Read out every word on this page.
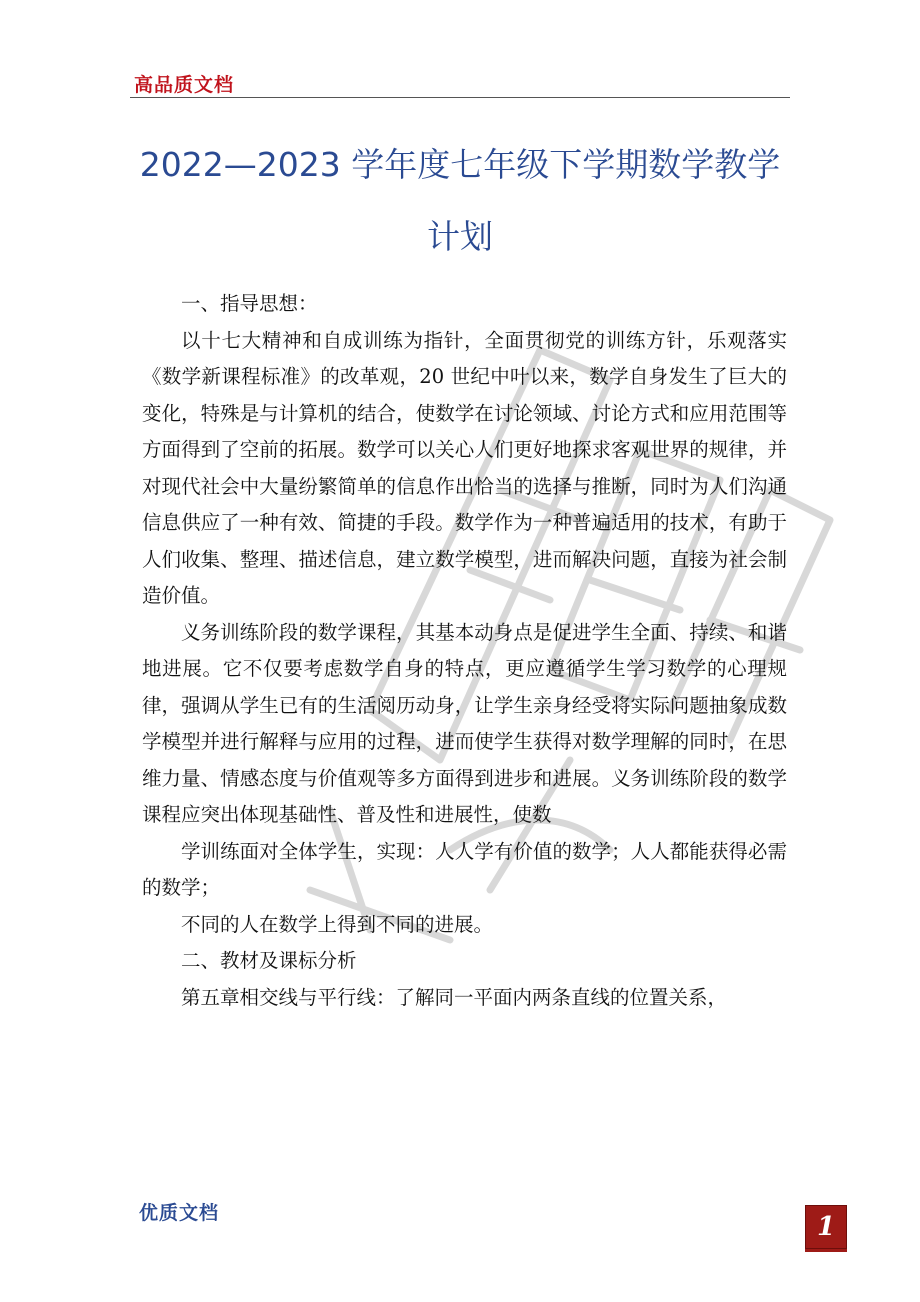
高品质文档
2022—2023 学年度七年级下学期数学教学
计划

一、指导思想：

以十七大精神和自成训练为指针，全面贯彻党的训练方针，乐观落实《数学新课程标准》的改革观，20 世纪中叶以来，数学自身发生了巨大的变化，特殊是与计算机的结合，使数学在讨论领域、讨论方式和应用范围等方面得到了空前的拓展。数学可以关心人们更好地探求客观世界的规律，并对现代社会中大量纷繁简单的信息作出恰当的选择与推断，同时为人们沟通信息供应了一种有效、简捷的手段。数学作为一种普遍适用的技术，有助于人们收集、整理、描述信息，建立数学模型，进而解决问题，直接为社会制造价值。

义务训练阶段的数学课程，其基本动身点是促进学生全面、持续、和谐地进展。它不仅要考虑数学自身的特点，更应遵循学生学习数学的心理规律，强调从学生已有的生活阅历动身，让学生亲身经受将实际问题抽象成数学模型并进行解释与应用的过程，进而使学生获得对数学理解的同时，在思维力量、情感态度与价值观等多方面得到进步和进展。义务训练阶段的数学课程应突出体现基础性、普及性和进展性，使数

学训练面对全体学生，实现：人人学有价值的数学；人人都能获得必需的数学；

不同的人在数学上得到不同的进展。

二、教材及课标分析

第五章相交线与平行线：了解同一平面内两条直线的位置关系，

优质文档	1
